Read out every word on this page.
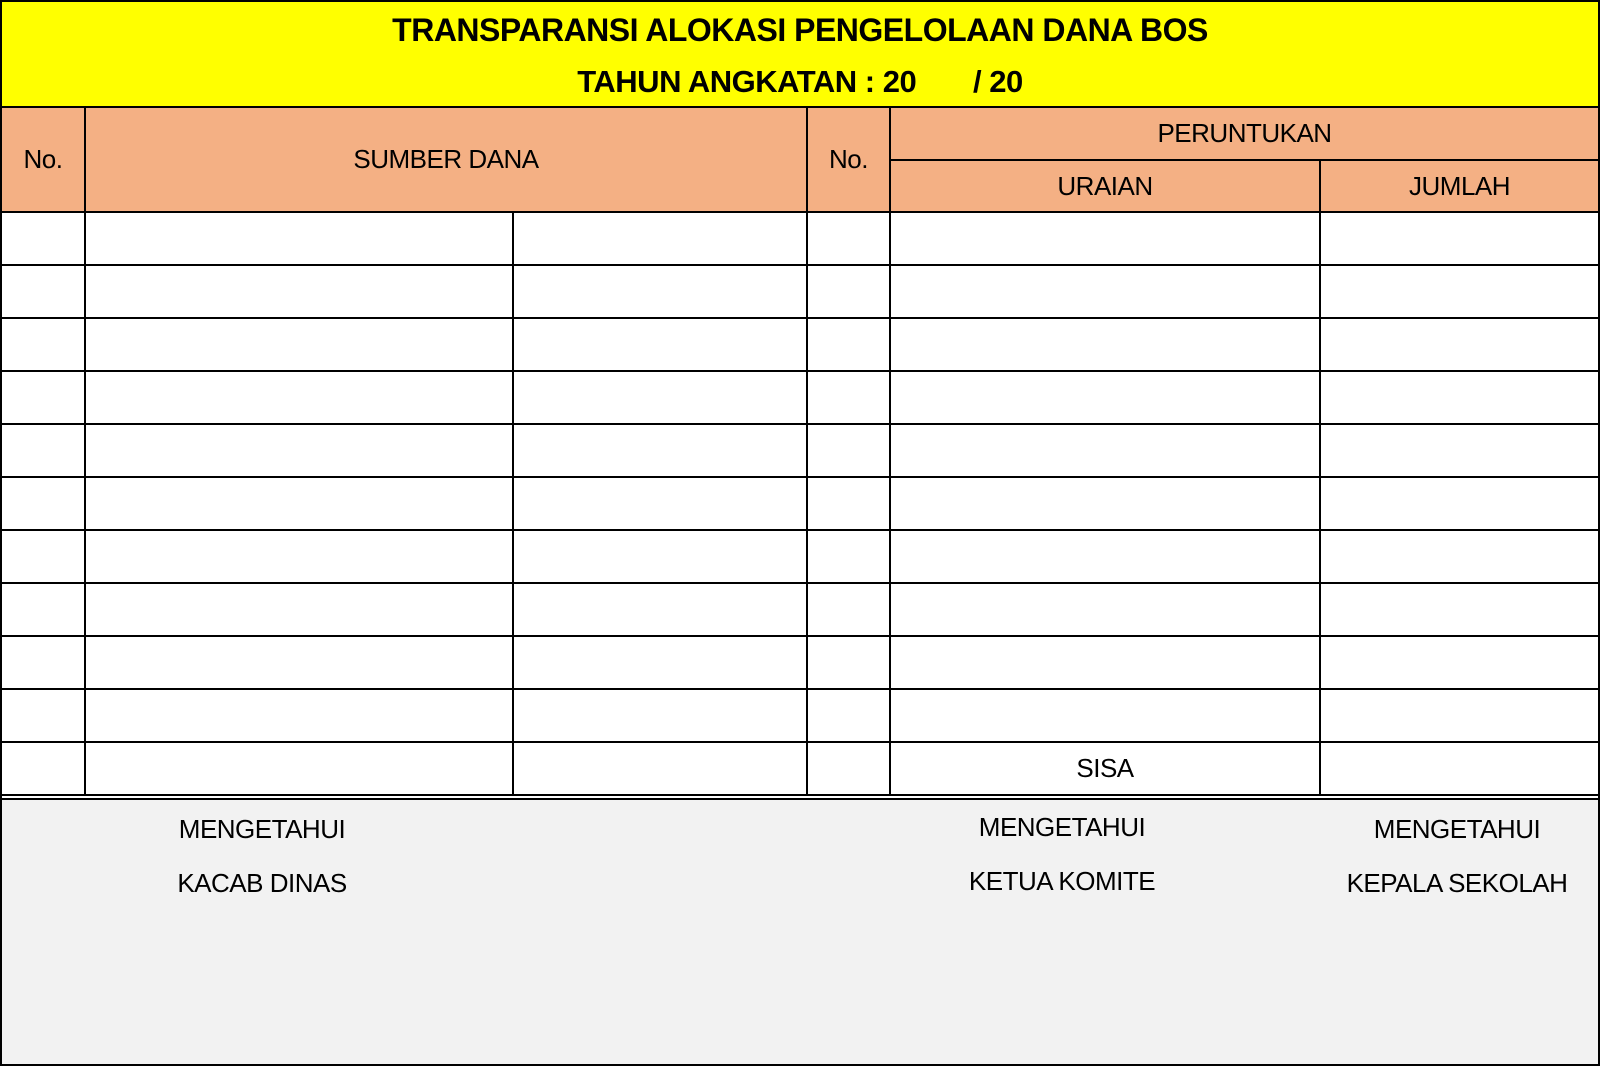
TRANSPARANSI ALOKASI PENGELOLAAN DANA BOS
TAHUN ANGKATAN : 20       / 20
No.	SUMBER DANA		No.	PERUNTUKAN	
				URAIAN	JUMLAH

				SISA	
MENGETAHUI
KACAB DINAS
MENGETAHUI
KETUA KOMITE
MENGETAHUI
KEPALA SEKOLAH
